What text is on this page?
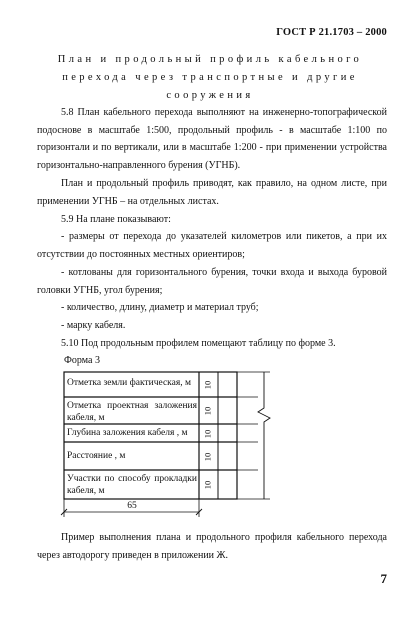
ГОСТ Р 21.1703 – 2000
План и продольный профиль кабельного
перехода через транспортные и другие
сооружения
5.8 План кабельного перехода выполняют на инженерно-топографической подоснове в масштабе 1:500, продольный профиль - в масштабе 1:100 по горизонтали и по вертикали, или в масштабе 1:200 - при применении устройства горизонтально-направленного бурения (УГНБ).
План и продольный профиль приводят, как правило, на одном листе, при применении УГНБ – на отдельных листах.
5.9 На плане показывают:
- размеры от перехода до указателей километров или пикетов, а при их отсутствии до постоянных местных ориентиров;
- котлованы для горизонтального бурения, точки входа и выхода буровой головки УГНБ, угол бурения;
- количество, длину, диаметр и материал труб;
- марку кабеля.
5.10 Под продольным профилем помещают таблицу по форме 3.
Форма 3
Отметка земли фактическая, м
Отметка проектная заложения кабеля, м
Глубина заложения кабеля , м
Расстояние , м
Участки по способу прокладки кабеля, м
10
10
10
10
10
65
Пример выполнения плана и продольного профиля кабельного перехода через автодорогу приведен в приложении Ж.
7
